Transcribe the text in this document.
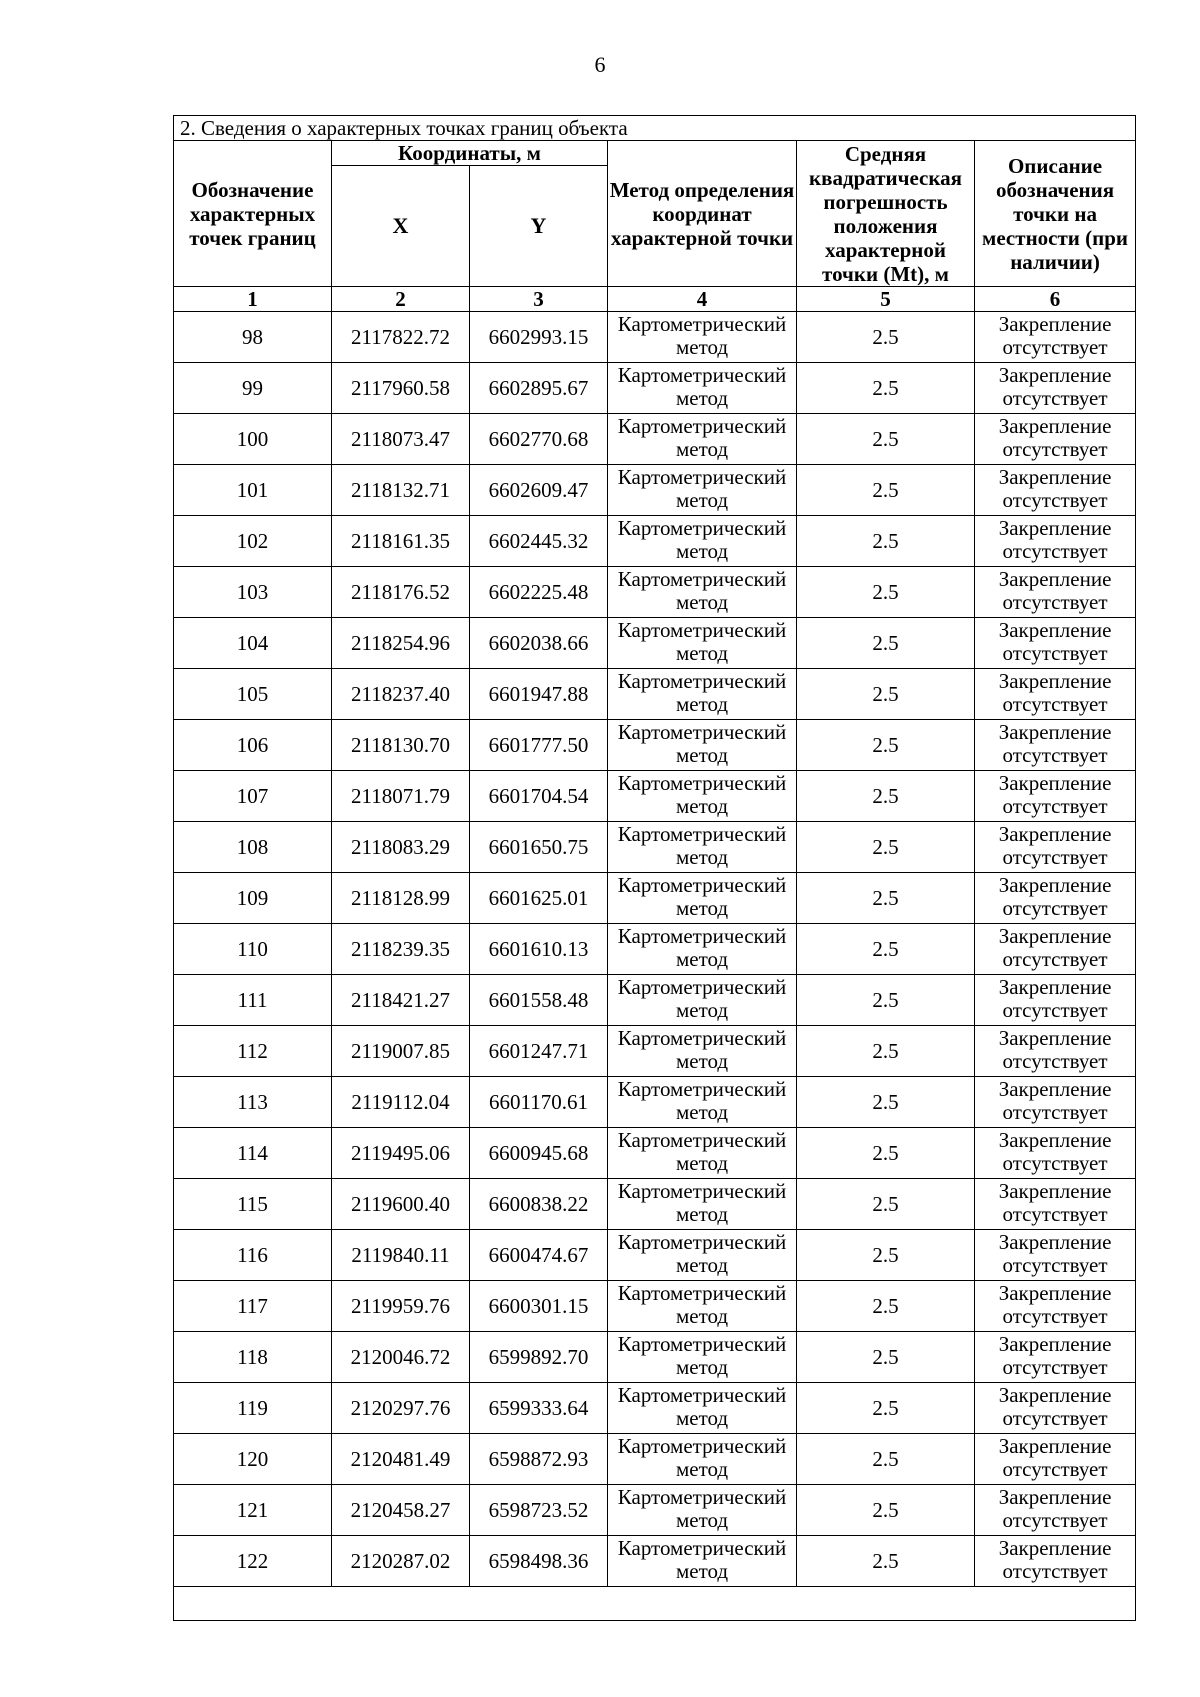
6
2. Сведения о характерных точках границ объекта					
Обозначение характерных точек границ	Координаты, м		Метод определения координат характерной точки	Средняя квадратическая погрешность положения характерной точки (Mt), м	Описание обозначения точки на местности (при наличии)
	X	Y			
1	2	3	4	5	6
98	2117822.72	6602993.15	Картометрический метод	2.5	Закрепление отсутствует
99	2117960.58	6602895.67	Картометрический метод	2.5	Закрепление отсутствует
100	2118073.47	6602770.68	Картометрический метод	2.5	Закрепление отсутствует
101	2118132.71	6602609.47	Картометрический метод	2.5	Закрепление отсутствует
102	2118161.35	6602445.32	Картометрический метод	2.5	Закрепление отсутствует
103	2118176.52	6602225.48	Картометрический метод	2.5	Закрепление отсутствует
104	2118254.96	6602038.66	Картометрический метод	2.5	Закрепление отсутствует
105	2118237.40	6601947.88	Картометрический метод	2.5	Закрепление отсутствует
106	2118130.70	6601777.50	Картометрический метод	2.5	Закрепление отсутствует
107	2118071.79	6601704.54	Картометрический метод	2.5	Закрепление отсутствует
108	2118083.29	6601650.75	Картометрический метод	2.5	Закрепление отсутствует
109	2118128.99	6601625.01	Картометрический метод	2.5	Закрепление отсутствует
110	2118239.35	6601610.13	Картометрический метод	2.5	Закрепление отсутствует
111	2118421.27	6601558.48	Картометрический метод	2.5	Закрепление отсутствует
112	2119007.85	6601247.71	Картометрический метод	2.5	Закрепление отсутствует
113	2119112.04	6601170.61	Картометрический метод	2.5	Закрепление отсутствует
114	2119495.06	6600945.68	Картометрический метод	2.5	Закрепление отсутствует
115	2119600.40	6600838.22	Картометрический метод	2.5	Закрепление отсутствует
116	2119840.11	6600474.67	Картометрический метод	2.5	Закрепление отсутствует
117	2119959.76	6600301.15	Картометрический метод	2.5	Закрепление отсутствует
118	2120046.72	6599892.70	Картометрический метод	2.5	Закрепление отсутствует
119	2120297.76	6599333.64	Картометрический метод	2.5	Закрепление отсутствует
120	2120481.49	6598872.93	Картометрический метод	2.5	Закрепление отсутствует
121	2120458.27	6598723.52	Картометрический метод	2.5	Закрепление отсутствует
122	2120287.02	6598498.36	Картометрический метод	2.5	Закрепление отсутствует
